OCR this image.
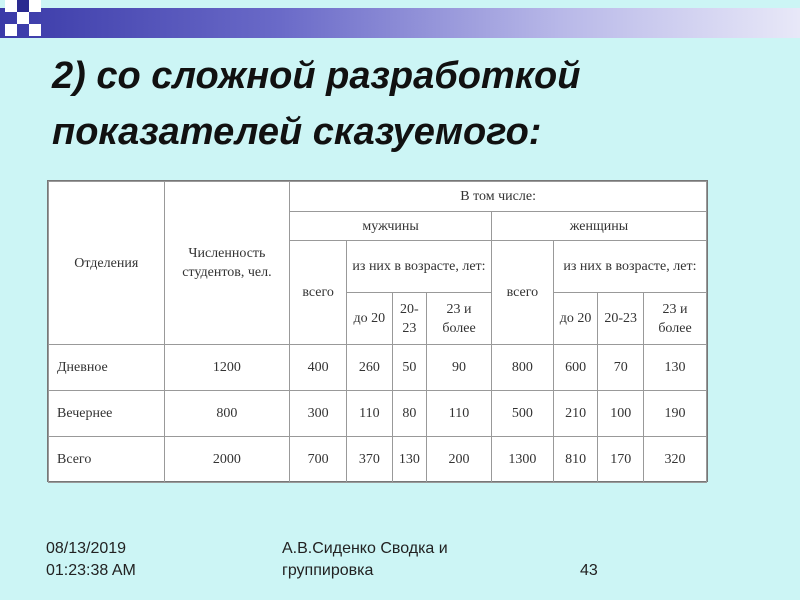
2) со сложной разработкой
показателей сказуемого:
Отделения	Численность студентов, чел.	В том числе:							
		мужчины				женщины			
		всего	из них в возрасте, лет:			всего	из них в возрасте, лет:		
			до 20	20-23	23 и более		до 20	20-23	23 и более
Дневное	1200	400	260	50	90	800	600	70	130
Вечернее	800	300	110	80	110	500	210	100	190
Всего	2000	700	370	130	200	1300	810	170	320
08/13/2019
01:23:38 AM
А.В.Сиденко Сводка и
группировка	43
